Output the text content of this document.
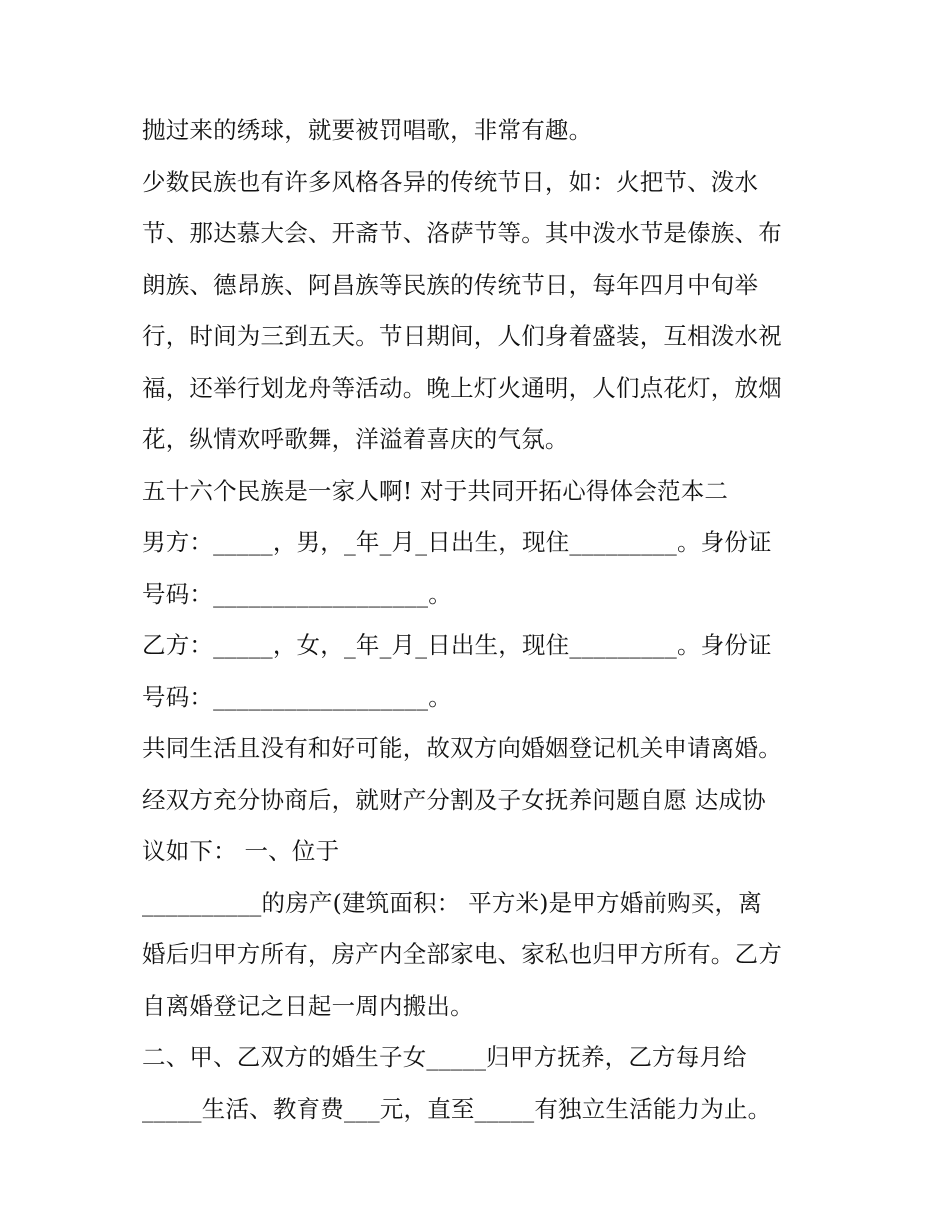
抛过来的绣球，就要被罚唱歌，非常有趣。
少数民族也有许多风格各异的传统节日，如：火把节、泼水
节、那达慕大会、开斋节、洛萨节等。其中泼水节是傣族、布
朗族、德昂族、阿昌族等民族的传统节日，每年四月中旬举
行，时间为三到五天。节日期间，人们身着盛装，互相泼水祝
福，还举行划龙舟等活动。晚上灯火通明，人们点花灯，放烟
花，纵情欢呼歌舞，洋溢着喜庆的气氛。
五十六个民族是一家人啊! 对于共同开拓心得体会范本二
男方：_____，男，_年_月_日出生，现住_________。身份证
号码：__________________。
乙方：_____，女，_年_月_日出生，现住_________。身份证
号码：__________________。
共同生活且没有和好可能，故双方向婚姻登记机关申请离婚。
经双方充分协商后，就财产分割及子女抚养问题自愿 达成协
议如下： 一、位于
__________的房产(建筑面积： 平方米)是甲方婚前购买，离
婚后归甲方所有，房产内全部家电、家私也归甲方所有。乙方
自离婚登记之日起一周内搬出。
二、甲、乙双方的婚生子女_____归甲方抚养，乙方每月给
_____生活、教育费___元，直至_____有独立生活能力为止。
